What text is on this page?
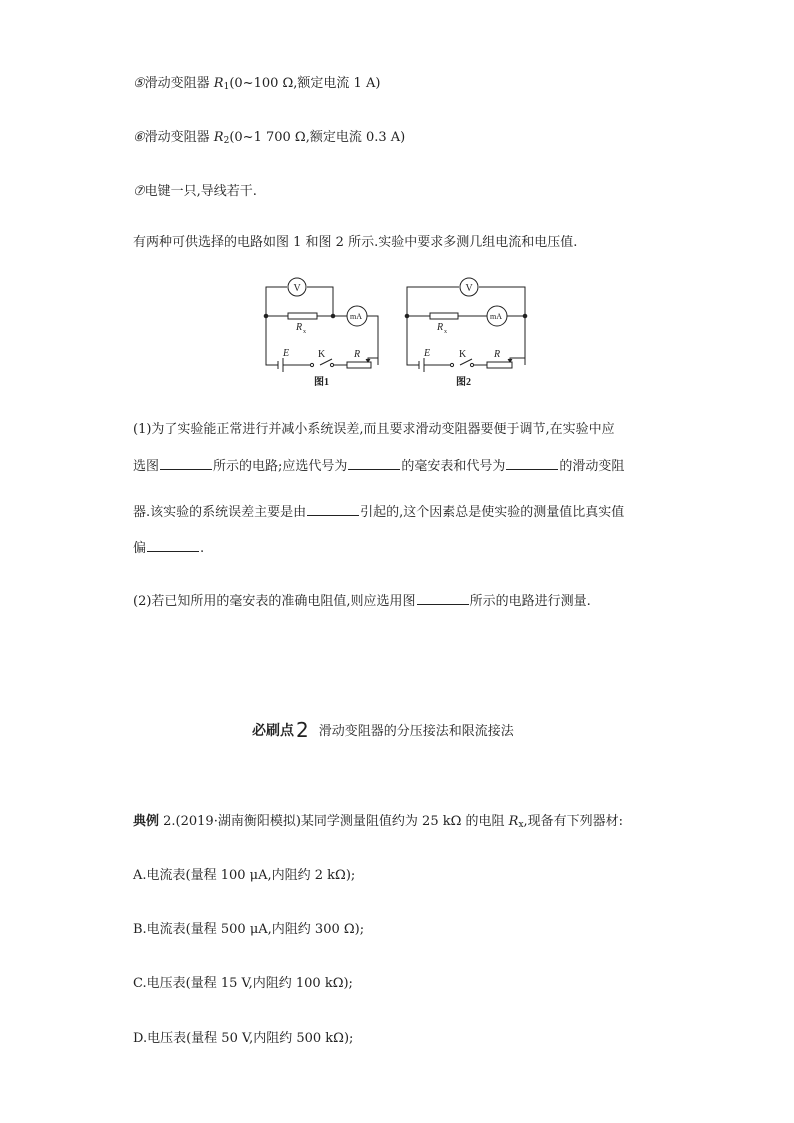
⑤滑动变阻器 $R_1(0\sim 100$ Ω,额定电流 1 A)
⑥滑动变阻器 $R_2(0\sim 1$ 700 Ω,额定电流 0.3 A)
⑦电键一只,导线若干.
有两种可供选择的电路如图 1 和图 2 所示.实验中要求多测几组电流和电压值.
V
mA
R x
E	K	R
图1
V
mA
R x
E	K	R
图2
(1)为了实验能正常进行并减小系统误差,而且要求滑动变阻器要便于调节,在实验中应
选图	所示的电路;应选代号为	的毫安表和代号为	的滑动变阻
器.该实验的系统误差主要是由	引起的,这个因素总是使实验的测量值比真实值
偏	.
(2)若已知所用的毫安表的准确电阻值,则应选用图	所示的电路进行测量.
必刷点 2 滑动变阻器的分压接法和限流接法
典例 2.(2019·湖南衡阳模拟)某同学测量阻值约为 25 kΩ 的电阻 $R_x$,现备有下列器材:
A.电流表(量程 100 μA,内阻约 2 kΩ);
B.电流表(量程 500 μA,内阻约 300 Ω);
C.电压表(量程 15 V,内阻约 100 kΩ);
D.电压表(量程 50 V,内阻约 500 kΩ);
